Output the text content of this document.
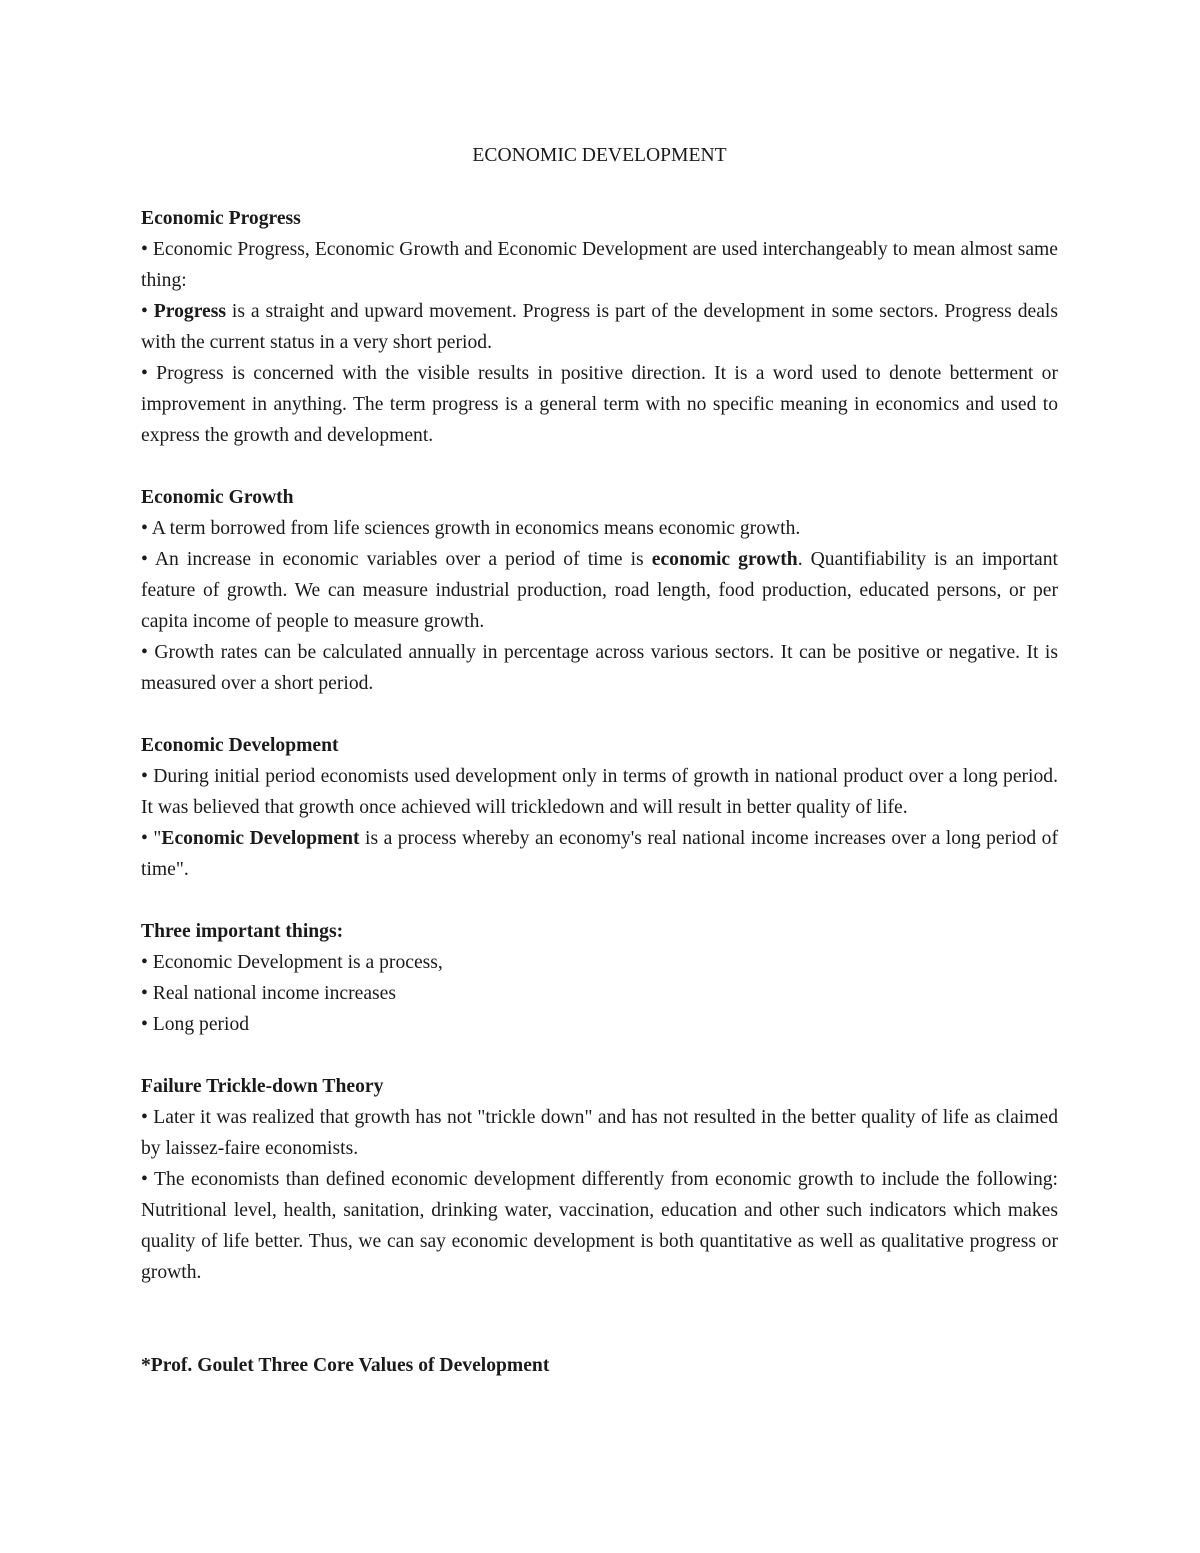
ECONOMIC DEVELOPMENT
Economic Progress
• Economic Progress, Economic Growth and Economic Development are used interchangeably to mean almost same thing:
• Progress is a straight and upward movement. Progress is part of the development in some sectors. Progress deals with the current status in a very short period.
• Progress is concerned with the visible results in positive direction. It is a word used to denote betterment or improvement in anything. The term progress is a general term with no specific meaning in economics and used to express the growth and development.
Economic Growth
• A term borrowed from life sciences growth in economics means economic growth.
• An increase in economic variables over a period of time is economic growth. Quantifiability is an important feature of growth. We can measure industrial production, road length, food production, educated persons, or per capita income of people to measure growth.
• Growth rates can be calculated annually in percentage across various sectors. It can be positive or negative. It is measured over a short period.
Economic Development
• During initial period economists used development only in terms of growth in national product over a long period. It was believed that growth once achieved will trickledown and will result in better quality of life.
• "Economic Development is a process whereby an economy's real national income increases over a long period of time".
Three important things:
• Economic Development is a process,
• Real national income increases
• Long period
Failure Trickle-down Theory
• Later it was realized that growth has not "trickle down" and has not resulted in the better quality of life as claimed by laissez-faire economists.
• The economists than defined economic development differently from economic growth to include the following: Nutritional level, health, sanitation, drinking water, vaccination, education and other such indicators which makes quality of life better. Thus, we can say economic development is both quantitative as well as qualitative progress or growth.
*Prof. Goulet Three Core Values of Development
